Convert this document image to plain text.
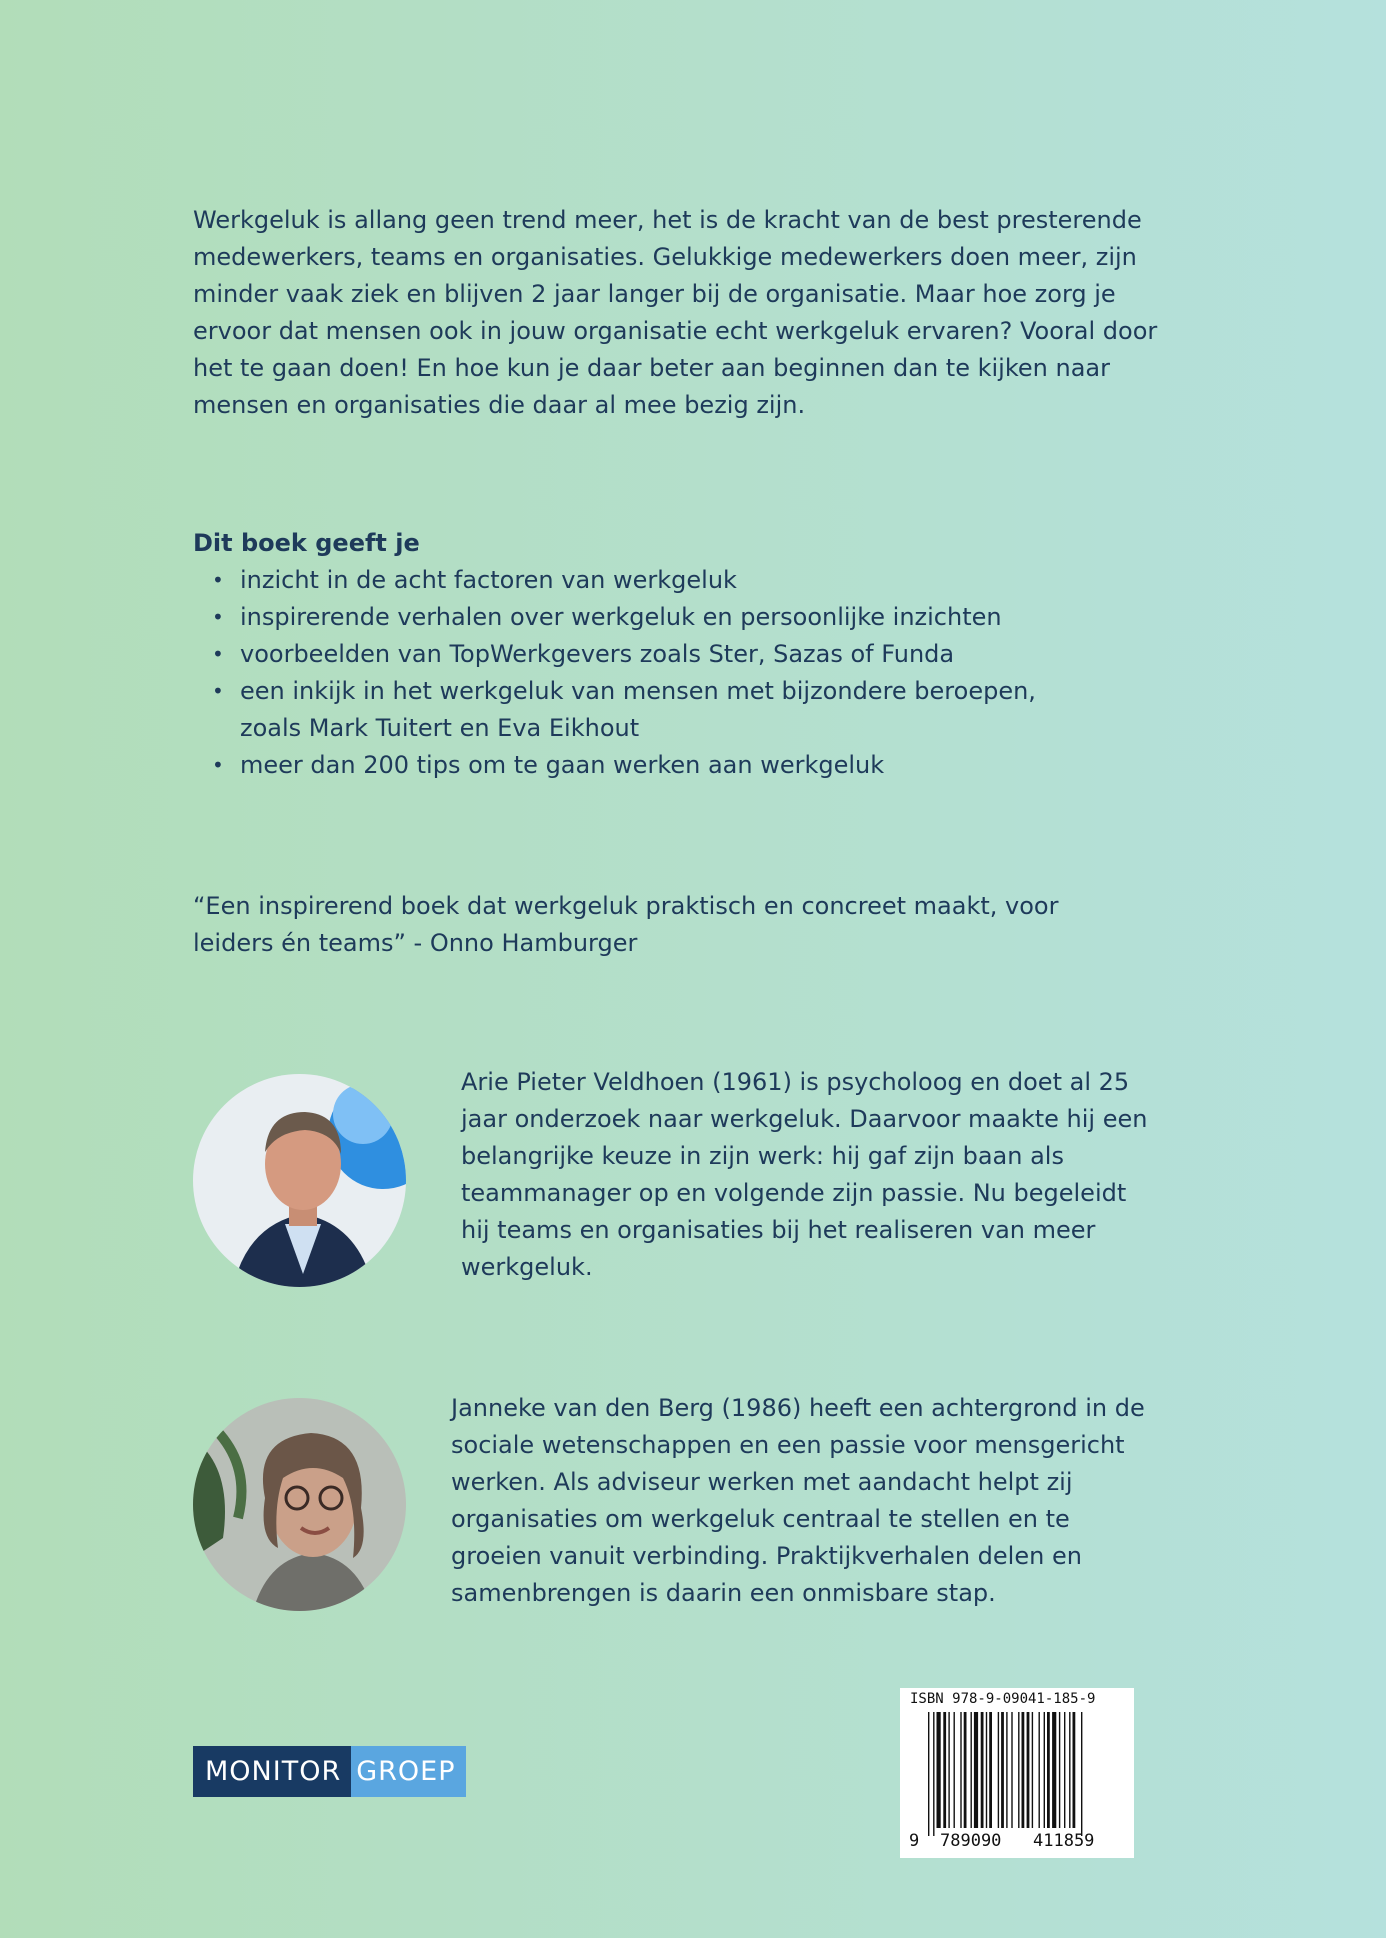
Werkgeluk is allang geen trend meer, het is de kracht van de best presterende medewerkers, teams en organisaties. Gelukkige medewerkers doen meer, zijn minder vaak ziek en blijven 2 jaar langer bij de organisatie. Maar hoe zorg je ervoor dat mensen ook in jouw organisatie echt werkgeluk ervaren? Vooral door het te gaan doen! En hoe kun je daar beter aan beginnen dan te kijken naar mensen en organisaties die daar al mee bezig zijn.

Dit boek geeft je

• inzicht in de acht factoren van werkgeluk
• inspirerende verhalen over werkgeluk en persoonlijke inzichten
• voorbeelden van TopWerkgevers zoals Ster, Sazas of Funda
• een inkijk in het werkgeluk van mensen met bijzondere beroepen, zoals Mark Tuitert en Eva Eikhout
• meer dan 200 tips om te gaan werken aan werkgeluk

“Een inspirerend boek dat werkgeluk praktisch en concreet maakt, voor leiders én teams” - Onno Hamburger

Arie Pieter Veldhoen (1961) is psycholoog en doet al 25 jaar onderzoek naar werkgeluk. Daarvoor maakte hij een belangrijke keuze in zijn werk: hij gaf zijn baan als teammanager op en volgende zijn passie. Nu begeleidt hij teams en organisaties bij het realiseren van meer werkgeluk.

Janneke van den Berg (1986) heeft een achtergrond in de sociale wetenschappen en een passie voor mensgericht werken. Als adviseur werken met aandacht helpt zij organisaties om werkgeluk centraal te stellen en te groeien vanuit verbinding. Praktijkverhalen delen en samenbrengen is daarin een onmisbare stap.

MONITOR GROEP
ISBN 978-9-09041-185-9
9 789090 411859
